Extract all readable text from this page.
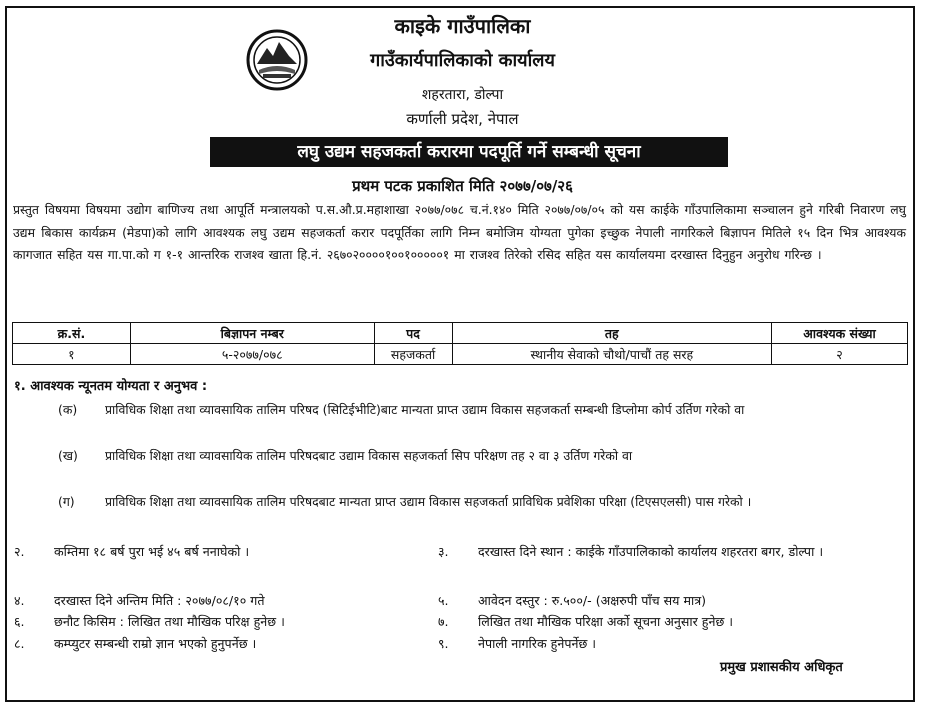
काइके गाउँपालिका
गाउँकार्यपालिकाको कार्यालय
शहरतारा, डोल्पा
कर्णाली प्रदेश, नेपाल
लघु उद्यम सहजकर्ता करारमा पदपूर्ति गर्ने सम्बन्धी सूचना
प्रथम पटक प्रकाशित मिति २०७७/०७/२६
प्रस्तुत विषयमा विषयमा उद्योग बाणिज्य तथा आपूर्ति मन्त्रालयको प.स.औ.प्र.महाशाखा २०७७/०७८ च.नं.१४० मिति २०७७/०७/०५ को यस काईके गाँउपालिकामा सञ्चालन हुने गरिबी निवारण लघु उद्यम बिकास कार्यक्रम (मेडपा)को लागि आवश्यक लघु उद्यम सहजकर्ता करार पदपूर्तिका लागि निम्न बमोजिम योग्यता पुगेका इच्छुक नेपाली नागरिकले बिज्ञापन मितिले १५ दिन भित्र आवश्यक कागजात सहित यस गा.पा.को ग १-१ आन्तरिक राजश्व खाता हि.नं. २६७०२००००१००१०००००१ मा राजश्व तिरेको रसिद सहित यस कार्यालयमा दरखास्त दिनुहुन अनुरोध गरिन्छ ।
क्र.सं.	बिज्ञापन नम्बर	पद	तह	आवश्यक संख्या
१	५-२०७७/०७८	सहजकर्ता	स्थानीय सेवाको चौथो/पाचौं तह सरह	२
१. आवश्यक न्यूनतम योग्यता र अनुभव :
(क) प्राविधिक शिक्षा तथा व्यावसायिक तालिम परिषद (सिटिईभीटि)बाट मान्यता प्राप्त उद्याम विकास सहजकर्ता सम्बन्धी डिप्लोमा कोर्प उर्तिण गरेको वा
(ख) प्राविधिक शिक्षा तथा व्यावसायिक तालिम परिषदबाट उद्याम विकास सहजकर्ता सिप परिक्षण तह २ वा ३ उर्तिण गरेको वा
(ग) प्राविधिक शिक्षा तथा व्यावसायिक तालिम परिषदबाट मान्यता प्राप्त उद्याम विकास सहजकर्ता प्राविधिक प्रवेशिका परिक्षा (टिएसएलसी) पास गरेको ।
२. कम्तिमा १८ बर्ष पुरा भई ४५ बर्ष ननाघेको ।	३. दरखास्त दिने स्थान : काईके गाँउपालिकाको कार्यालय शहरतरा बगर, डोल्पा ।
४. दरखास्त दिने अन्तिम मिति : २०७७/०८/१० गते	५. आवेदन दस्तुर : रु.५००/- (अक्षरुपी पाँच सय मात्र)
६. छनौट किसिम : लिखित तथा मौखिक परिक्ष हुनेछ ।	७. लिखित तथा मौखिक परिक्षा अर्को सूचना अनुसार हुनेछ ।
८. कम्प्युटर सम्बन्धी राम्रो ज्ञान भएको हुनुपर्नेछ ।	९. नेपाली नागरिक हुनेपर्नेछ ।
प्रमुख प्रशासकीय अधिकृत
